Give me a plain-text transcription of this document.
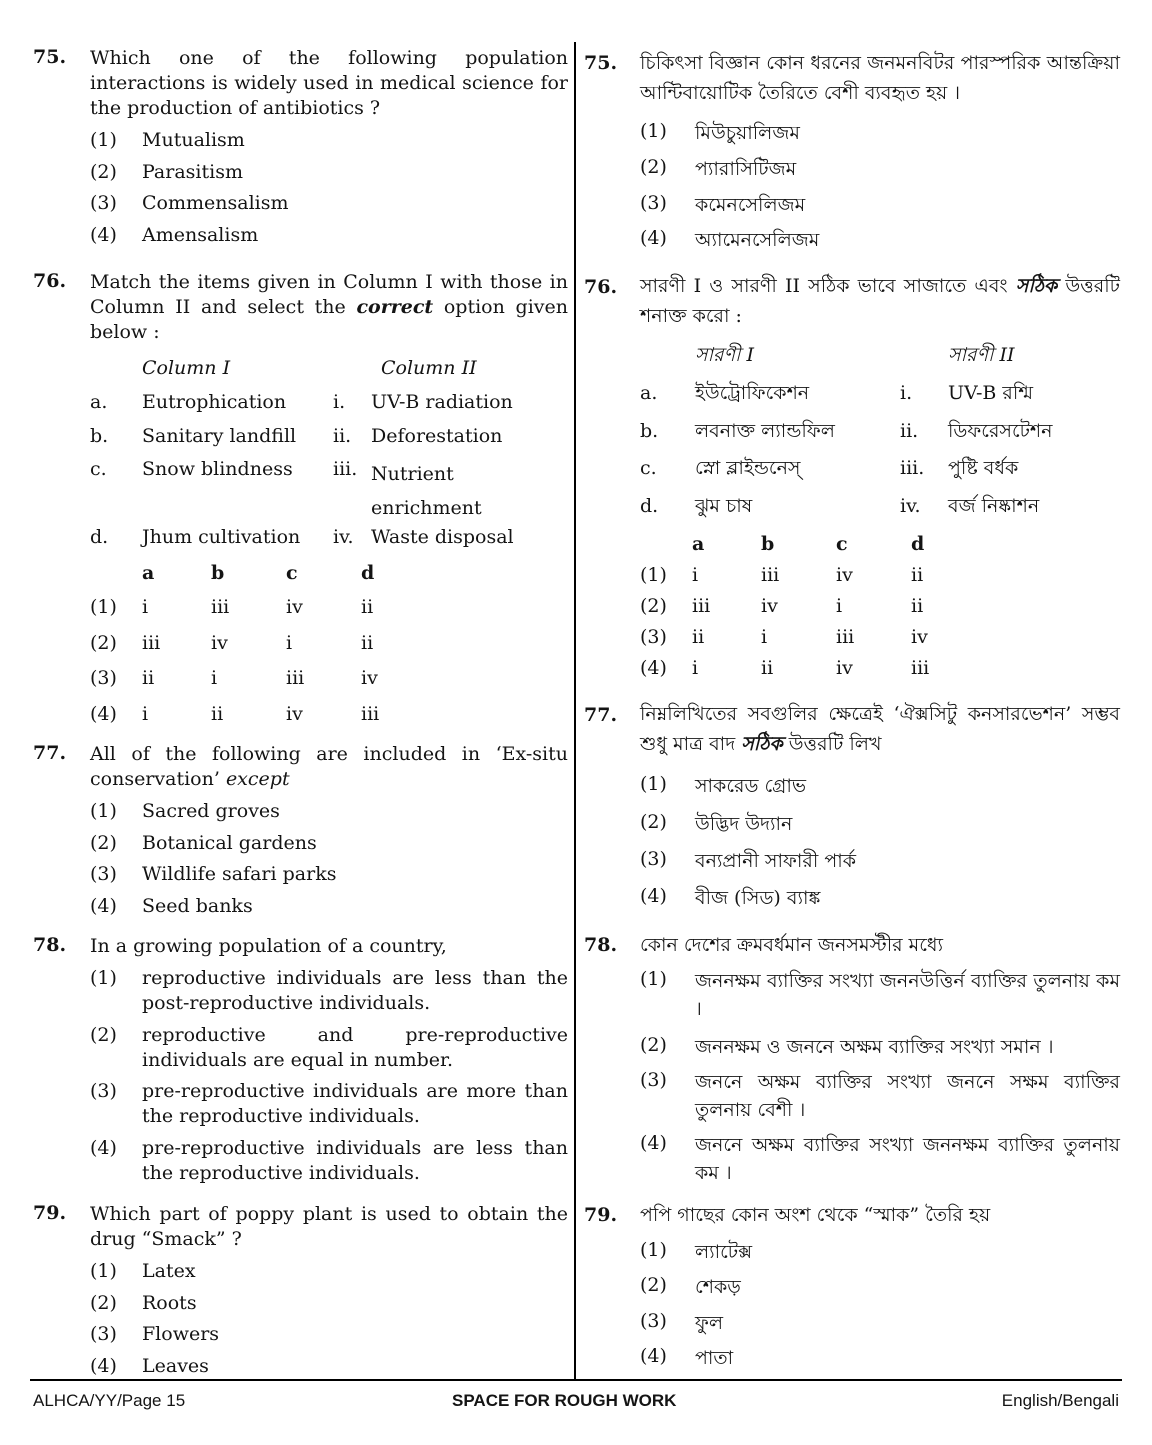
75. Which one of the following population interactions is widely used in medical science for the production of antibiotics ?
(1) Mutualism
(2) Parasitism
(3) Commensalism
(4) Amensalism
76. Match the items given in Column I with those in Column II and select the correct option given below :
Column I	Column II
a. Eutrophication i. UV-B radiation
b. Sanitary landfill ii. Deforestation
c. Snow blindness iii. Nutrient enrichment
d. Jhum cultivation iv. Waste disposal
a	b	c	d
(1) i	iii	iv	ii
(2) iii	iv	i	ii
(3) ii	i	iii	iv
(4) i	ii	iv	iii
77. All of the following are included in ‘Ex-situ conservation’ except
(1) Sacred groves
(2) Botanical gardens
(3) Wildlife safari parks
(4) Seed banks
78. In a growing population of a country,
(1) reproductive individuals are less than the post-reproductive individuals.
(2) reproductive and pre-reproductive individuals are equal in number.
(3) pre-reproductive individuals are more than the reproductive individuals.
(4) pre-reproductive individuals are less than the reproductive individuals.
79. Which part of poppy plant is used to obtain the drug “Smack” ?
(1) Latex
(2) Roots
(3) Flowers
(4) Leaves
75. চিকিৎসা বিজ্ঞান কোন ধরনের জনমনবিটর পারস্পরিক আন্তক্রিয়া আন্টিবায়োটিক তৈরিতে বেশী ব্যবহৃত হয় ।
(1) মিউচুয়ালিজম
(2) প্যারাসিটিজম
(3) কমেনসেলিজম
(4) অ্যামেনসেলিজম
76. সারণী I ও সারণী II সঠিক ভাবে সাজাতে এবং সঠিক উত্তরটি শনাক্ত করো :
সারণী I	সারণী II
a. ইউট্রোফিকেশন	i. UV-B রশ্মি
b. লবনাক্ত ল্যান্ডফিল	ii. ডিফরেসটেশন
c. স্নো ব্লাইন্ডনেস্	iii. পুষ্টি বর্ধক
d. ঝুম চাষ	iv. বর্জ নিষ্কাশন
a	b	c	d
(1) i	iii	iv	ii
(2) iii	iv	i	ii
(3) ii	i	iii	iv
(4) i	ii	iv	iii
77. নিম্নলিখিতের সবগুলির ক্ষেত্রেই ‘ঐক্সসিটু কনসারভেশন’ সম্ভব শুধু মাত্র বাদ সঠিক উত্তরটি লিখ
(1) সাকরেড গ্রোভ
(2) উদ্ভিদ উদ্যান
(3) বন্যপ্রানী সাফারী পার্ক
(4) বীজ (সিড) ব্যাঙ্ক
78. কোন দেশের ক্রমবর্ধমান জনসমস্টীর মধ্যে
(1) জননক্ষম ব্যাক্তির সংখ্যা জননউত্তির্ন ব্যাক্তির তুলনায় কম ।
(2) জননক্ষম ও জননে অক্ষম ব্যাক্তির সংখ্যা সমান ।
(3) জননে অক্ষম ব্যাক্তির সংখ্যা জননে সক্ষম ব্যাক্তির তুলনায় বেশী ।
(4) জননে অক্ষম ব্যাক্তির সংখ্যা জননক্ষম ব্যাক্তির তুলনায় কম ।
79. পপি গাছের কোন অংশ থেকে “স্মাক” তৈরি হয়
(1) ল্যাটেক্স
(2) শেকড়
(3) ফুল
(4) পাতা
ALHCA/YY/Page 15	SPACE FOR ROUGH WORK	English/Bengali
